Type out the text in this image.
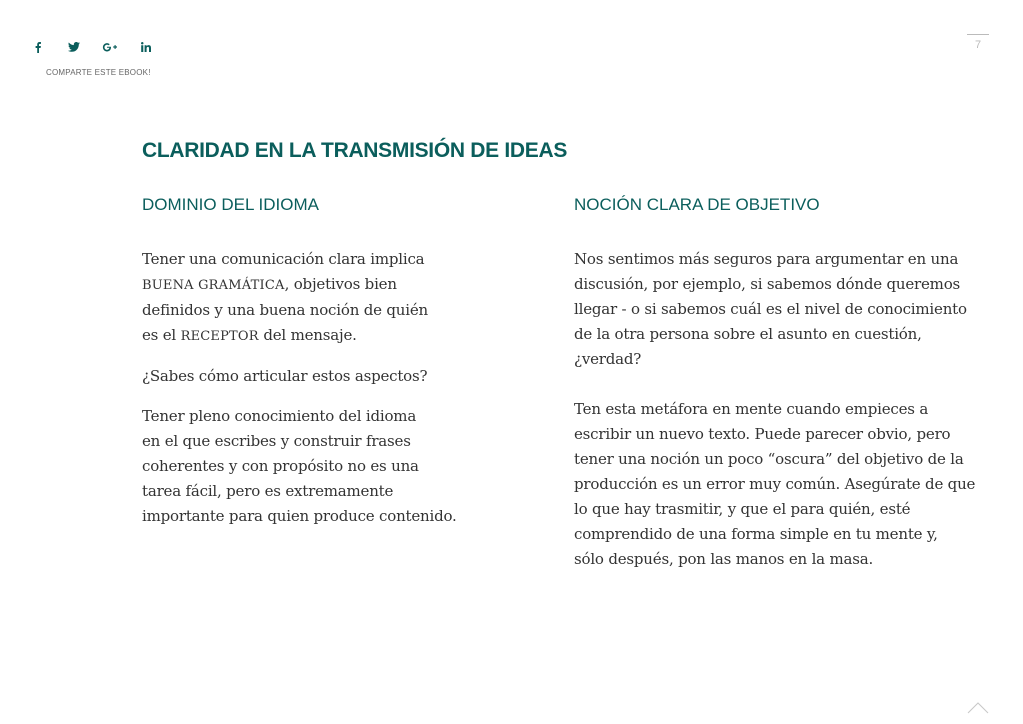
COMPARTE ESTE EBOOK!
7
CLARIDAD EN LA TRANSMISIÓN DE IDEAS
DOMINIO DEL IDIOMA

Tener una comunicación clara implica
BUENA GRAMÁTICA, objetivos bien
definidos y una buena noción de quién
es el RECEPTOR del mensaje.

¿Sabes cómo articular estos aspectos?

Tener pleno conocimiento del idioma
en el que escribes y construir frases
coherentes y con propósito no es una
tarea fácil, pero es extremamente
importante para quien produce contenido.

NOCIÓN CLARA DE OBJETIVO

Nos sentimos más seguros para argumentar en una
discusión, por ejemplo, si sabemos dónde queremos
llegar - o si sabemos cuál es el nivel de conocimiento
de la otra persona sobre el asunto en cuestión,
¿verdad?

Ten esta metáfora en mente cuando empieces a
escribir un nuevo texto. Puede parecer obvio, pero
tener una noción un poco “oscura” del objetivo de la
producción es un error muy común. Asegúrate de que
lo que hay trasmitir, y que el para quién, esté
comprendido de una forma simple en tu mente y,
sólo después, pon las manos en la masa.
